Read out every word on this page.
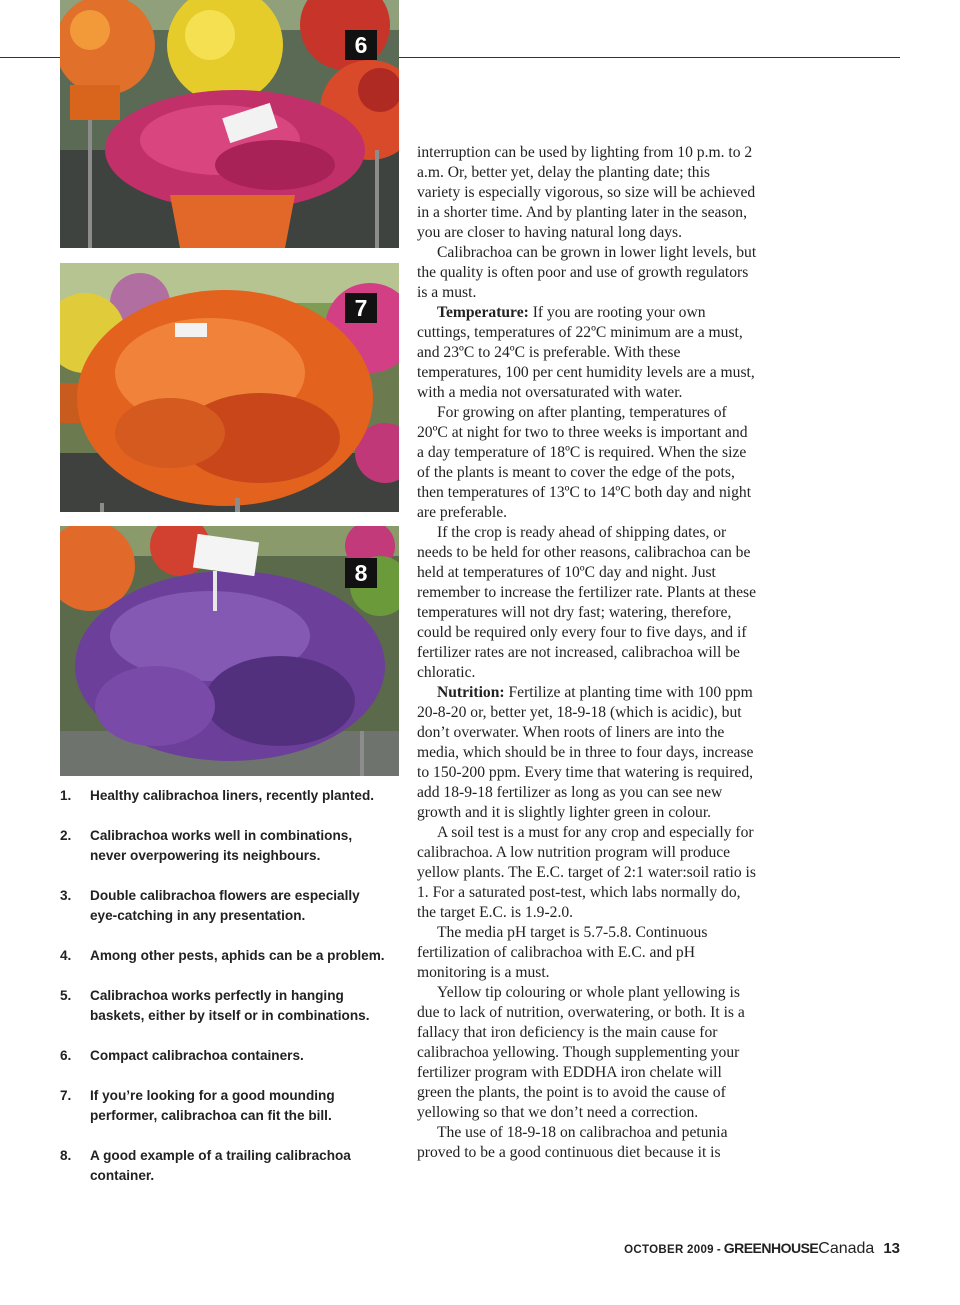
6
7
8
1.	Healthy calibrachoa liners, recently planted.
2.	Calibrachoa works well in combinations, never overpowering its neighbours.
3.	Double calibrachoa flowers are especially eye-catching in any presentation.
4.	Among other pests, aphids can be a problem.
5.	Calibrachoa works perfectly in hanging baskets, either by itself or in combinations.
6.	Compact calibrachoa containers.
7.	If you’re looking for a good mounding performer, calibrachoa can fit the bill.
8.	A good example of a trailing calibrachoa container.

interruption can be used by lighting from 10 p.m. to 2 a.m. Or, better yet, delay the planting date; this variety is especially vigorous, so size will be achieved in a shorter time. And by planting later in the season, you are closer to having natural long days.

Calibrachoa can be grown in lower light levels, but the quality is often poor and use of growth regulators is a must.

Temperature: If you are rooting your own cuttings, temperatures of 22ºC minimum are a must, and 23ºC to 24ºC is preferable. With these temperatures, 100 per cent humidity levels are a must, with a media not oversaturated with water.

For growing on after planting, temperatures of 20ºC at night for two to three weeks is important and a day temperature of 18ºC is required. When the size of the plants is meant to cover the edge of the pots, then temperatures of 13ºC to 14ºC both day and night are preferable.

If the crop is ready ahead of shipping dates, or needs to be held for other reasons, calibrachoa can be held at temperatures of 10ºC day and night. Just remember to increase the fertilizer rate. Plants at these temperatures will not dry fast; watering, therefore, could be required only every four to five days, and if fertilizer rates are not increased, calibrachoa will be chloratic.

Nutrition: Fertilize at planting time with 100 ppm 20-8-20 or, better yet, 18-9-18 (which is acidic), but don’t overwater. When roots of liners are into the media, which should be in three to four days, increase to 150-200 ppm. Every time that watering is required, add 18-9-18 fertilizer as long as you can see new growth and it is slightly lighter green in colour.

A soil test is a must for any crop and especially for calibrachoa. A low nutrition program will produce yellow plants. The E.C. target of 2:1 water:soil ratio is 1. For a saturated post-test, which labs normally do, the target E.C. is 1.9-2.0.

The media pH target is 5.7-5.8. Continuous fertilization of calibrachoa with E.C. and pH monitoring is a must.

Yellow tip colouring or whole plant yellowing is due to lack of nutrition, overwatering, or both. It is a fallacy that iron deficiency is the main cause for calibrachoa yellowing. Though supplementing your fertilizer program with EDDHA iron chelate will green the plants, the point is to avoid the cause of yellowing so that we don’t need a correction.

The use of 18-9-18 on calibrachoa and petunia proved to be a good continuous diet because it is

OCTOBER 2009 - GREENHOUSE Canada 13
